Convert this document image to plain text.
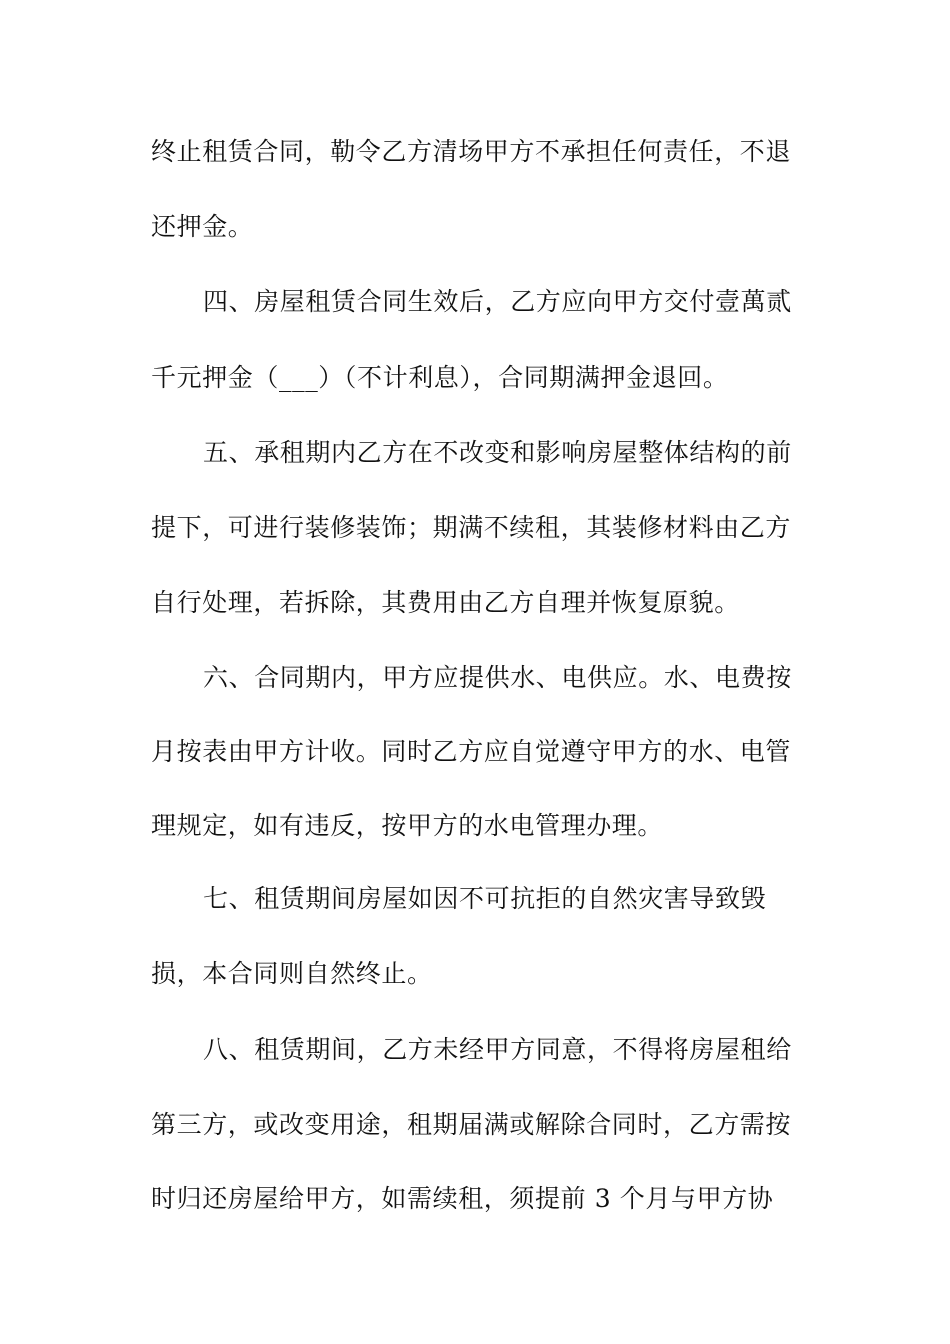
终止租赁合同，勒令乙方清场甲方不承担任何责任，不退
还押金。
四、房屋租赁合同生效后，乙方应向甲方交付壹萬贰
千元押金（___）（不计利息），合同期满押金退回。
五、承租期内乙方在不改变和影响房屋整体结构的前
提下，可进行装修装饰；期满不续租，其装修材料由乙方
自行处理，若拆除，其费用由乙方自理并恢复原貌。
六、合同期内，甲方应提供水、电供应。水、电费按
月按表由甲方计收。同时乙方应自觉遵守甲方的水、电管
理规定，如有违反，按甲方的水电管理办理。
七、租赁期间房屋如因不可抗拒的自然灾害导致毁
损，本合同则自然终止。
八、租赁期间，乙方未经甲方同意，不得将房屋租给
第三方，或改变用途，租期届满或解除合同时，乙方需按
时归还房屋给甲方，如需续租，须提前 3 个月与甲方协
